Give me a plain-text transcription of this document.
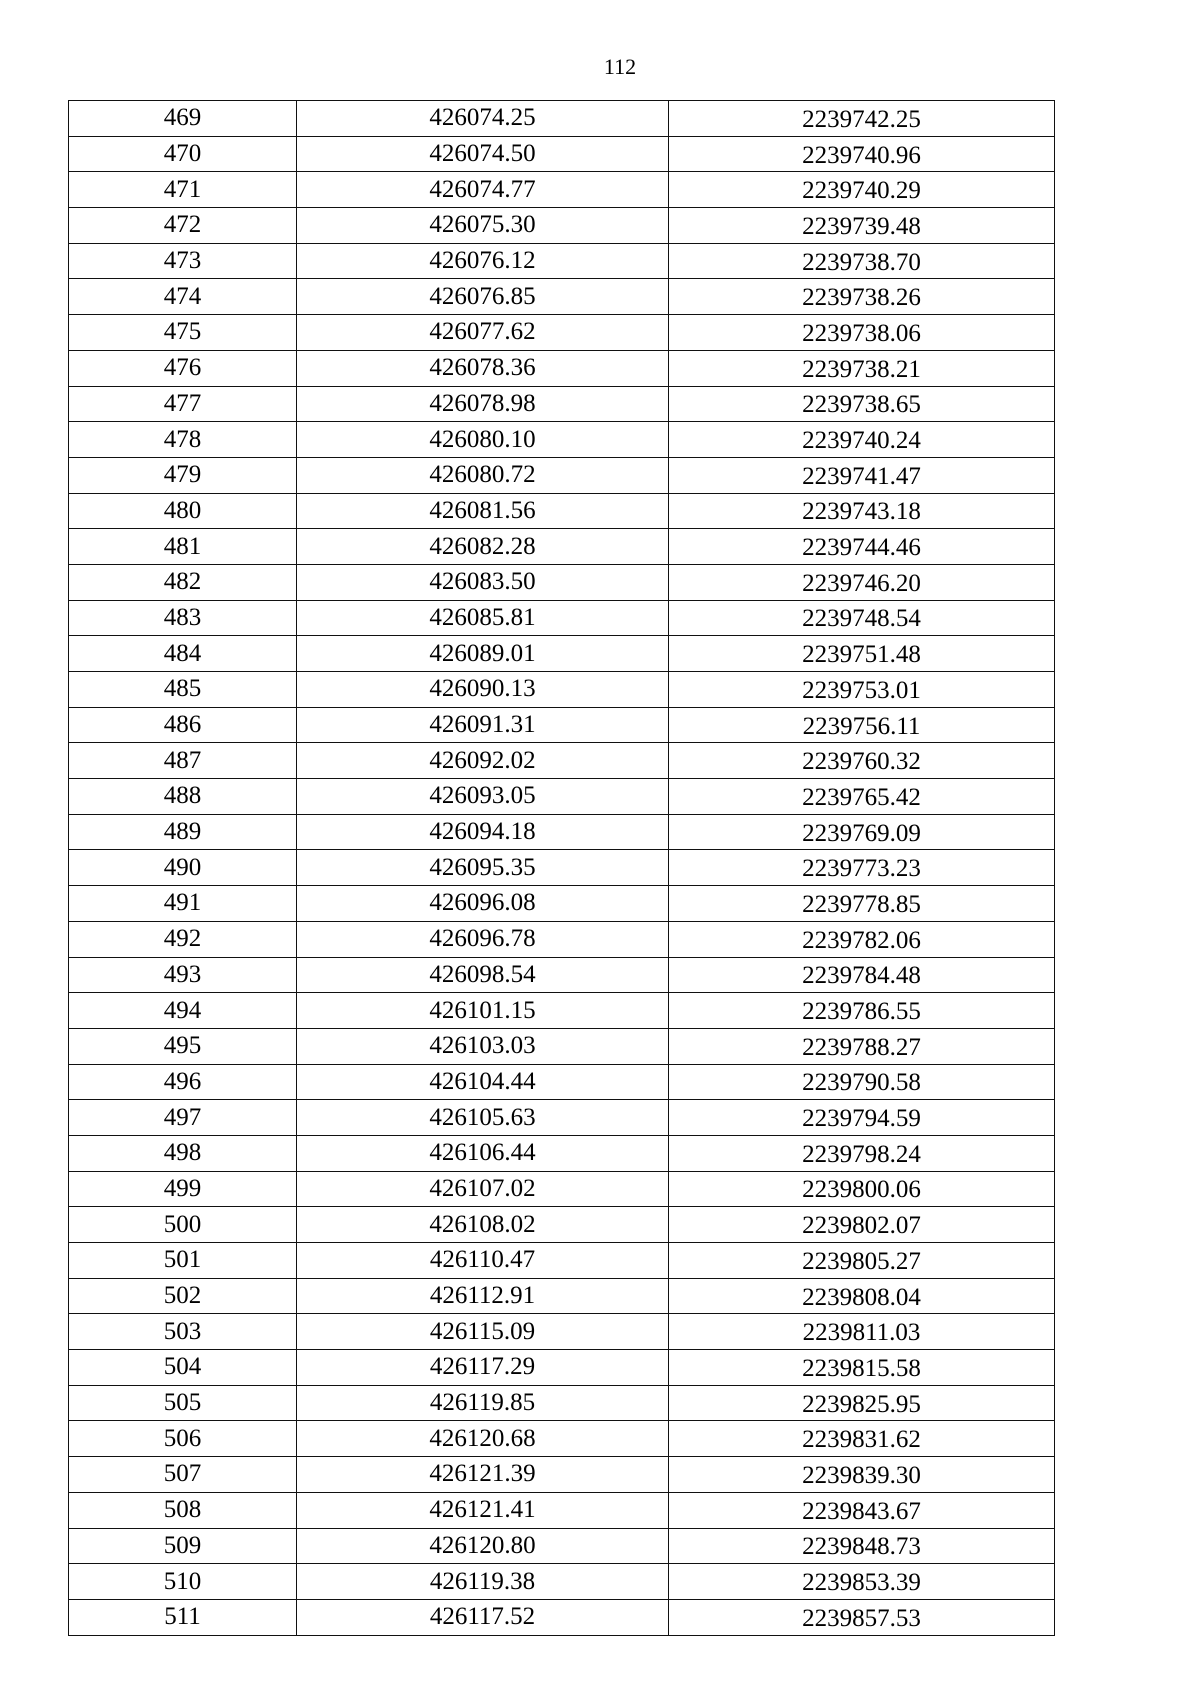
112
469	426074.25	2239742.25
470	426074.50	2239740.96
471	426074.77	2239740.29
472	426075.30	2239739.48
473	426076.12	2239738.70
474	426076.85	2239738.26
475	426077.62	2239738.06
476	426078.36	2239738.21
477	426078.98	2239738.65
478	426080.10	2239740.24
479	426080.72	2239741.47
480	426081.56	2239743.18
481	426082.28	2239744.46
482	426083.50	2239746.20
483	426085.81	2239748.54
484	426089.01	2239751.48
485	426090.13	2239753.01
486	426091.31	2239756.11
487	426092.02	2239760.32
488	426093.05	2239765.42
489	426094.18	2239769.09
490	426095.35	2239773.23
491	426096.08	2239778.85
492	426096.78	2239782.06
493	426098.54	2239784.48
494	426101.15	2239786.55
495	426103.03	2239788.27
496	426104.44	2239790.58
497	426105.63	2239794.59
498	426106.44	2239798.24
499	426107.02	2239800.06
500	426108.02	2239802.07
501	426110.47	2239805.27
502	426112.91	2239808.04
503	426115.09	2239811.03
504	426117.29	2239815.58
505	426119.85	2239825.95
506	426120.68	2239831.62
507	426121.39	2239839.30
508	426121.41	2239843.67
509	426120.80	2239848.73
510	426119.38	2239853.39
511	426117.52	2239857.53
